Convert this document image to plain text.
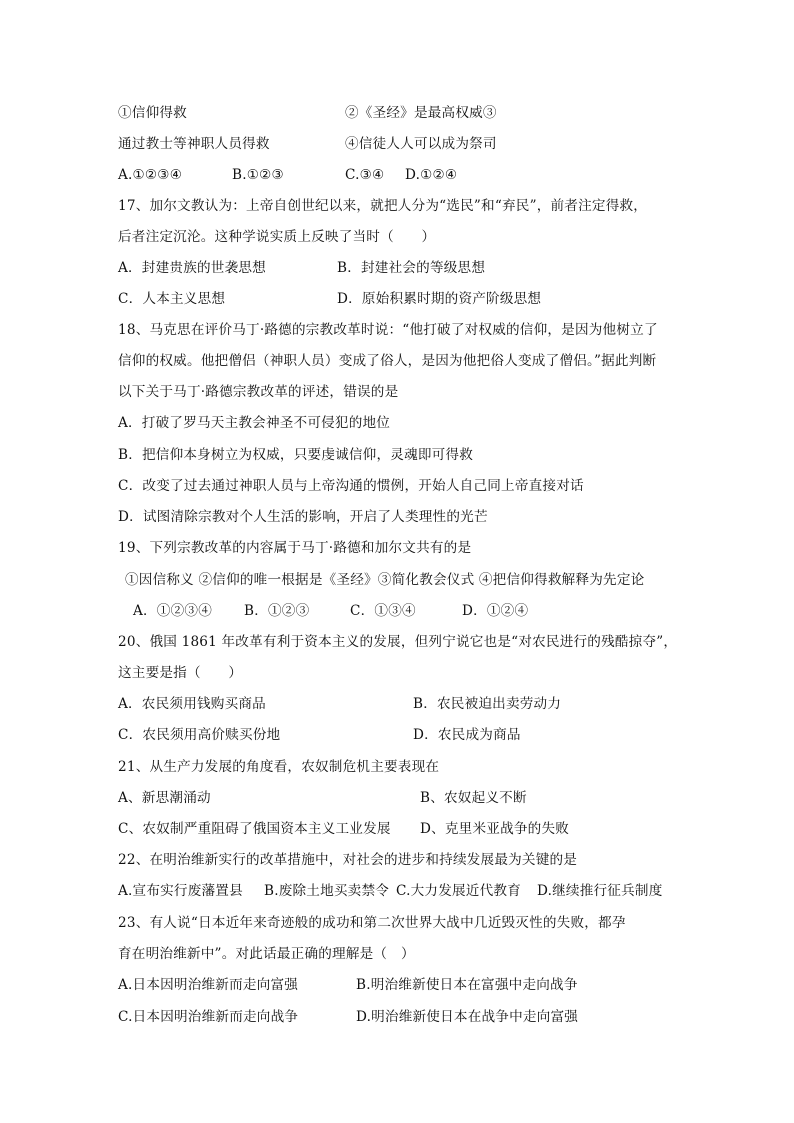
①信仰得救	②《圣经》是最高权威③
通过教士等神职人员得救	④信徒人人可以成为祭司
A.①②③④	B.①②③	C.③④ D.①②④
17、加尔文教认为：上帝自创世纪以来，就把人分为“选民”和“弃民”，前者注定得救，
后者注定沉沦。这种学说实质上反映了当时（　　）
A．封建贵族的世袭思想	B．封建社会的等级思想
C．人本主义思想	D．原始积累时期的资产阶级思想
18、马克思在评价马丁·路德的宗教改革时说：“他打破了对权威的信仰，是因为他树立了
信仰的权威。他把僧侣（神职人员）变成了俗人，是因为他把俗人变成了僧侣。”据此判断
以下关于马丁·路德宗教改革的评述，错误的是
A．打破了罗马天主教会神圣不可侵犯的地位
B．把信仰本身树立为权威，只要虔诚信仰，灵魂即可得救
C．改变了过去通过神职人员与上帝沟通的惯例，开始人自己同上帝直接对话
D．试图清除宗教对个人生活的影响，开启了人类理性的光芒
19、下列宗教改革的内容属于马丁·路德和加尔文共有的是
①因信称义 ②信仰的唯一根据是《圣经》③简化教会仪式 ④把信仰得救解释为先定论
A．①②③④ B．①②③	C．①③④	D．①②④
20、俄国 1861 年改革有利于资本主义的发展，但列宁说它也是“对农民进行的残酷掠夺”，
这主要是指（　　）
A．农民须用钱购买商品	B．农民被迫出卖劳动力
C．农民须用高价赎买份地	D．农民成为商品
21、从生产力发展的角度看，农奴制危机主要表现在
A、新思潮涌动	B、农奴起义不断
C、农奴制严重阻碍了俄国资本主义工业发展 D、克里米亚战争的失败
22、在明治维新实行的改革措施中，对社会的进步和持续发展最为关键的是
A.宣布实行废藩置县 B.废除土地买卖禁令 C.大力发展近代教育 D.继续推行征兵制度
23、有人说“日本近年来奇迹般的成功和第二次世界大战中几近毁灭性的失败，都孕
育在明治维新中”。对此话最正确的理解是（　）
A.日本因明治维新而走向富强	B.明治维新使日本在富强中走向战争
C.日本因明治维新而走向战争	D.明治维新使日本在战争中走向富强
